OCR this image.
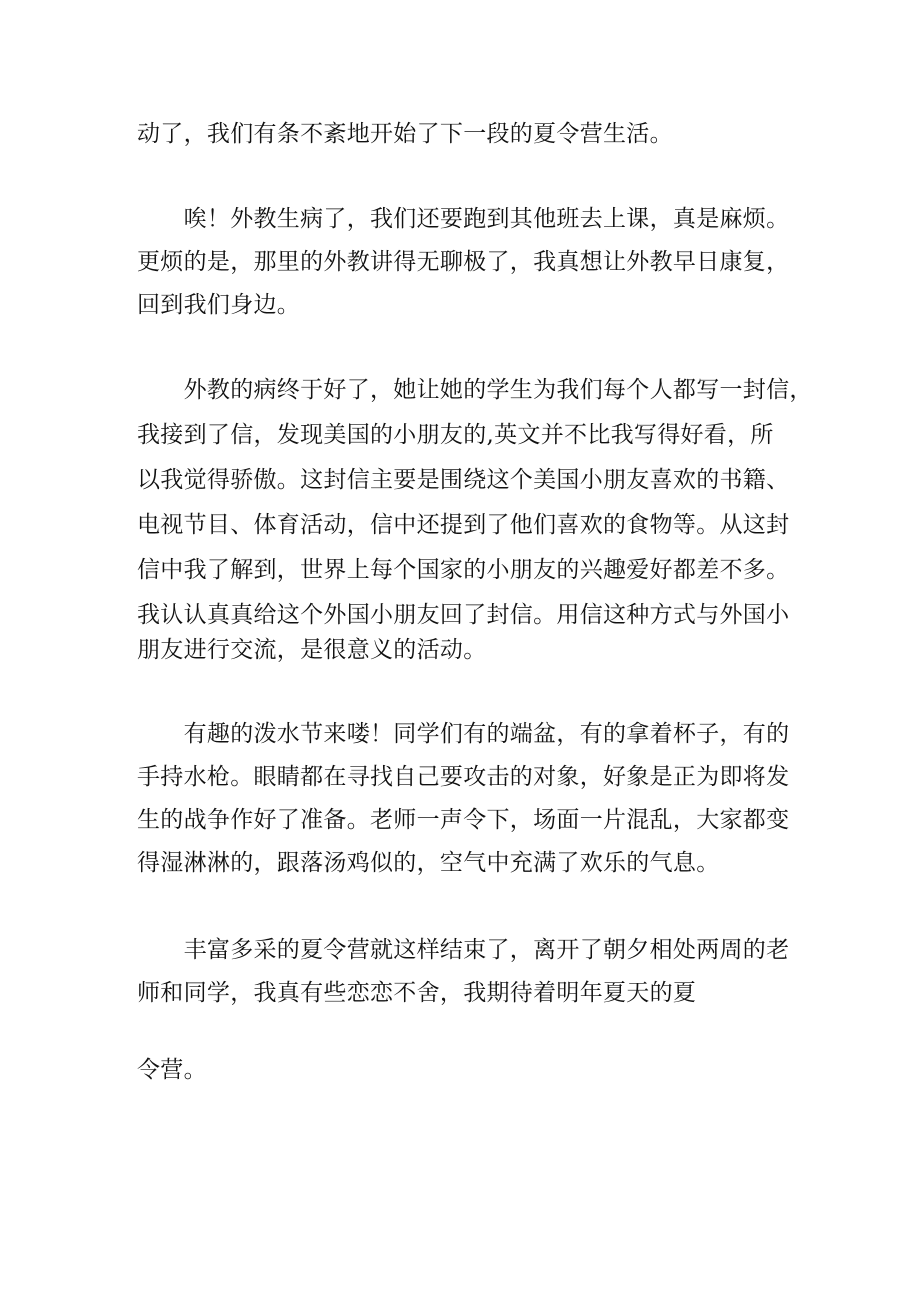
动了，我们有条不紊地开始了下一段的夏令营生活。
　　唉！外教生病了，我们还要跑到其他班去上课，真是麻烦。
更烦的是，那里的外教讲得无聊极了，我真想让外教早日康复，
回到我们身边。
　　外教的病终于好了，她让她的学生为我们每个人都写一封信，
我接到了信，发现美国的小朋友的,英文并不比我写得好看，所
以我觉得骄傲。这封信主要是围绕这个美国小朋友喜欢的书籍、
电视节目、体育活动，信中还提到了他们喜欢的食物等。从这封
信中我了解到，世界上每个国家的小朋友的兴趣爱好都差不多。
我认认真真给这个外国小朋友回了封信。用信这种方式与外国小
朋友进行交流，是很意义的活动。
　　有趣的泼水节来喽！同学们有的端盆，有的拿着杯子，有的
手持水枪。眼睛都在寻找自己要攻击的对象，好象是正为即将发
生的战争作好了准备。老师一声令下，场面一片混乱，大家都变
得湿淋淋的，跟落汤鸡似的，空气中充满了欢乐的气息。
　　丰富多采的夏令营就这样结束了，离开了朝夕相处两周的老
师和同学，我真有些恋恋不舍，我期待着明年夏天的夏
令营。
